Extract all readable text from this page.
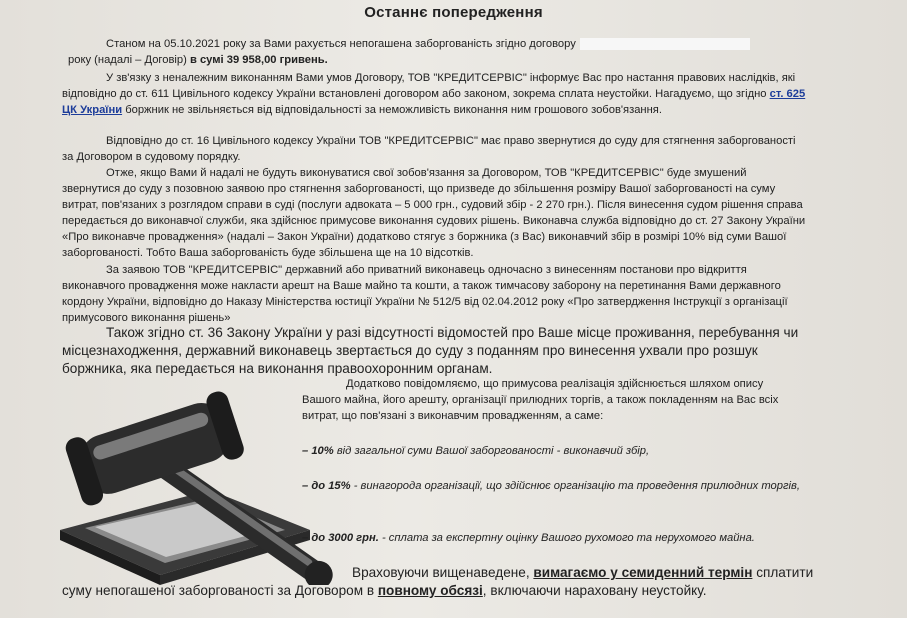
Останнє попередження

Станом на 05.10.2021 року за Вами рахується непогашена заборгованість згідно договору
року (надалі – Договір) в сумі 39 958,00 гривень.

У зв'язку з неналежним виконанням Вами умов Договору, ТОВ "КРЕДИТСЕРВІС" інформує Вас про настання правових наслідків, які відповідно до ст. 611 Цивільного кодексу України встановлені договором або законом, зокрема сплата неустойки. Нагадуємо, що згідно ст. 625 ЦК України боржник не звільняється від відповідальності за неможливість виконання ним грошового зобов'язання.

Відповідно до ст. 16 Цивільного кодексу України ТОВ "КРЕДИТСЕРВІС" має право звернутися до суду для стягнення заборгованості за Договором в судовому порядку.

Отже, якщо Вами й надалі не будуть виконуватися свої зобов'язання за Договором, ТОВ "КРЕДИТСЕРВІС" буде змушений звернутися до суду з позовною заявою про стягнення заборгованості, що призведе до збільшення розміру Вашої заборгованості на суму витрат, пов'язаних з розглядом справи в суді (послуги адвоката – 5 000 грн., судовий збір - 2 270 грн.). Після винесення судом рішення справа передається до виконавчої служби, яка здійснює примусове виконання судових рішень. Виконавча служба відповідно до ст. 27 Закону України «Про виконавче провадження» (надалі – Закон України) додатково стягує з боржника (з Вас) виконавчий збір в розмірі 10% від суми Вашої заборгованості. Тобто Ваша заборгованість буде збільшена ще на 10 відсотків.

За заявою ТОВ "КРЕДИТСЕРВІС" державний або приватний виконавець одночасно з винесенням постанови про відкриття виконавчого провадження може накласти арешт на Ваше майно та кошти, а також тимчасову заборону на перетинання Вами державного кордону України, відповідно до Наказу Міністерства юстиції України № 512/5 від 02.04.2012 року «Про затвердження Інструкції з організації примусового виконання рішень»

Також згідно ст. 36 Закону України у разі відсутності відомостей про Ваше місце проживання, перебування чи місцезнаходження, державний виконавець звертається до суду з поданням про винесення ухвали про розшук боржника, яка передається на виконання правоохоронним органам.

Додатково повідомляємо, що примусова реалізація здійснюється шляхом опису Вашого майна, його арешту, організації прилюдних торгів, а також покладенням на Вас всіх витрат, що пов'язані з виконавчим провадженням, а саме:

– 10% від загальної суми Вашої заборгованості - виконавчий збір,
– до 15% - винагорода організації, що здійснює організацію та проведення прилюдних торгів,
– до 3000 грн. - сплата за експертну оцінку Вашого рухомого та нерухомого майна.

Враховуючи вищенаведене, вимагаємо у семиденний термін сплатити суму непогашеної заборгованості за Договором в повному обсязі, включаючи нараховану неустойку.
